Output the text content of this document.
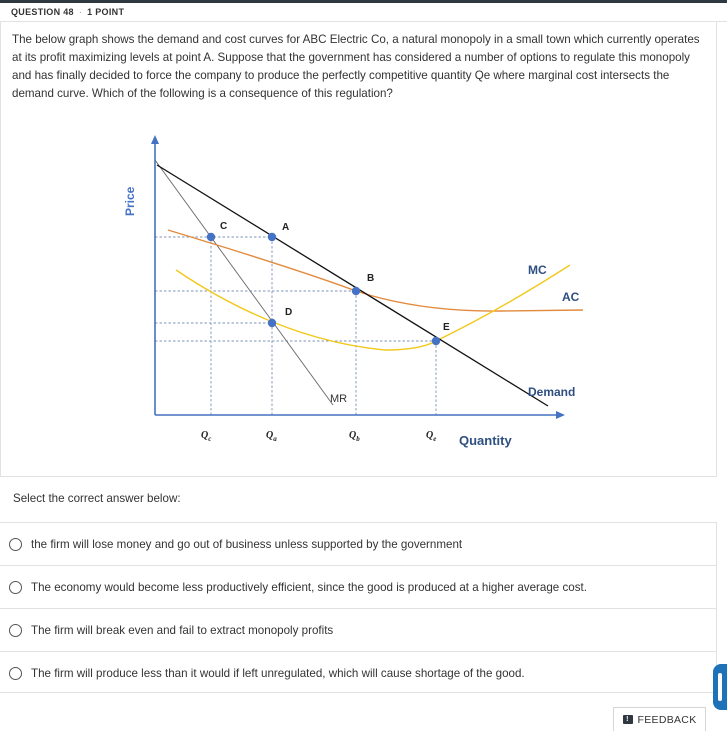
QUESTION 48 · 1 POINT
The below graph shows the demand and cost curves for ABC Electric Co, a natural monopoly in a small town which currently operates at its profit maximizing levels at point A. Suppose that the government has considered a number of options to regulate this monopoly and has finally decided to force the company to produce the perfectly competitive quantity Qe where marginal cost intersects the demand curve. Which of the following is a consequence of this regulation?
C	A
B
D
E
MC
AC
MR	Demand
Price
Quantity
$Q_c$	$Q_a$	$Q_b$	$Q_e$
Select the correct answer below:
the firm will lose money and go out of business unless supported by the government
The economy would become less productively efficient, since the good is produced at a higher average cost.
The firm will break even and fail to extract monopoly profits
The firm will produce less than it would if left unregulated, which will cause shortage of the good.
! FEEDBACK
